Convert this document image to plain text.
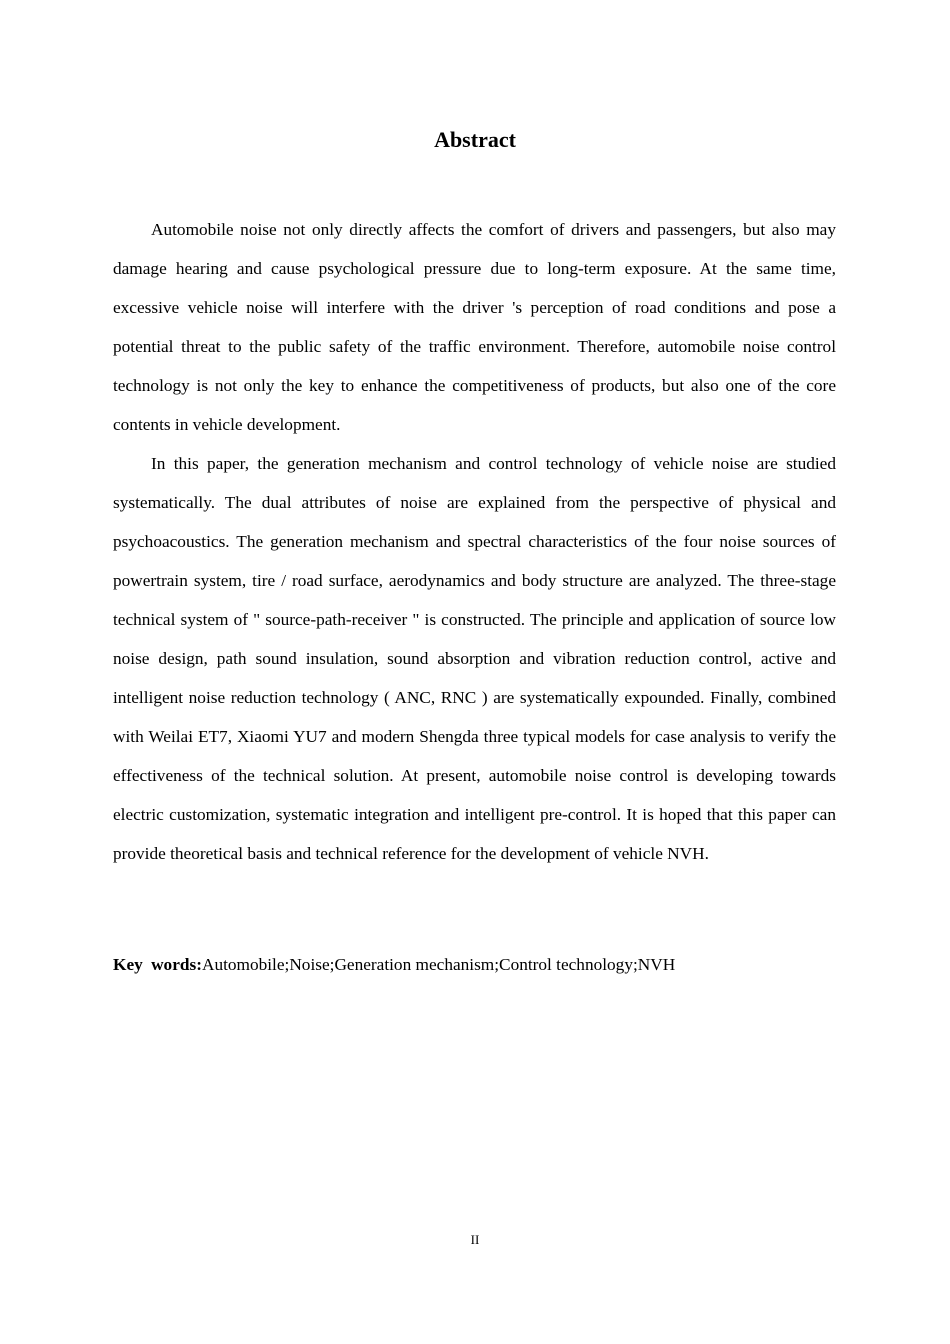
Abstract

Automobile noise not only directly affects the comfort of drivers and passengers, but also may damage hearing and cause psychological pressure due to long-term exposure. At the same time, excessive vehicle noise will interfere with the driver 's perception of road conditions and pose a potential threat to the public safety of the traffic environment. Therefore, automobile noise control technology is not only the key to enhance the competitiveness of products, but also one of the core contents in vehicle development.

In this paper, the generation mechanism and control technology of vehicle noise are studied systematically. The dual attributes of noise are explained from the perspective of physical and psychoacoustics. The generation mechanism and spectral characteristics of the four noise sources of powertrain system, tire / road surface, aerodynamics and body structure are analyzed. The three-stage technical system of " source-path-receiver " is constructed. The principle and application of source low noise design, path sound insulation, sound absorption and vibration reduction control, active and intelligent noise reduction technology ( ANC, RNC ) are systematically expounded. Finally, combined with Weilai ET7, Xiaomi YU7 and modern Shengda three typical models for case analysis to verify the effectiveness of the technical solution. At present, automobile noise control is developing towards electric customization, systematic integration and intelligent pre-control. It is hoped that this paper can provide theoretical basis and technical reference for the development of vehicle NVH.

Key words:Automobile;Noise;Generation mechanism;Control technology;NVH

II
